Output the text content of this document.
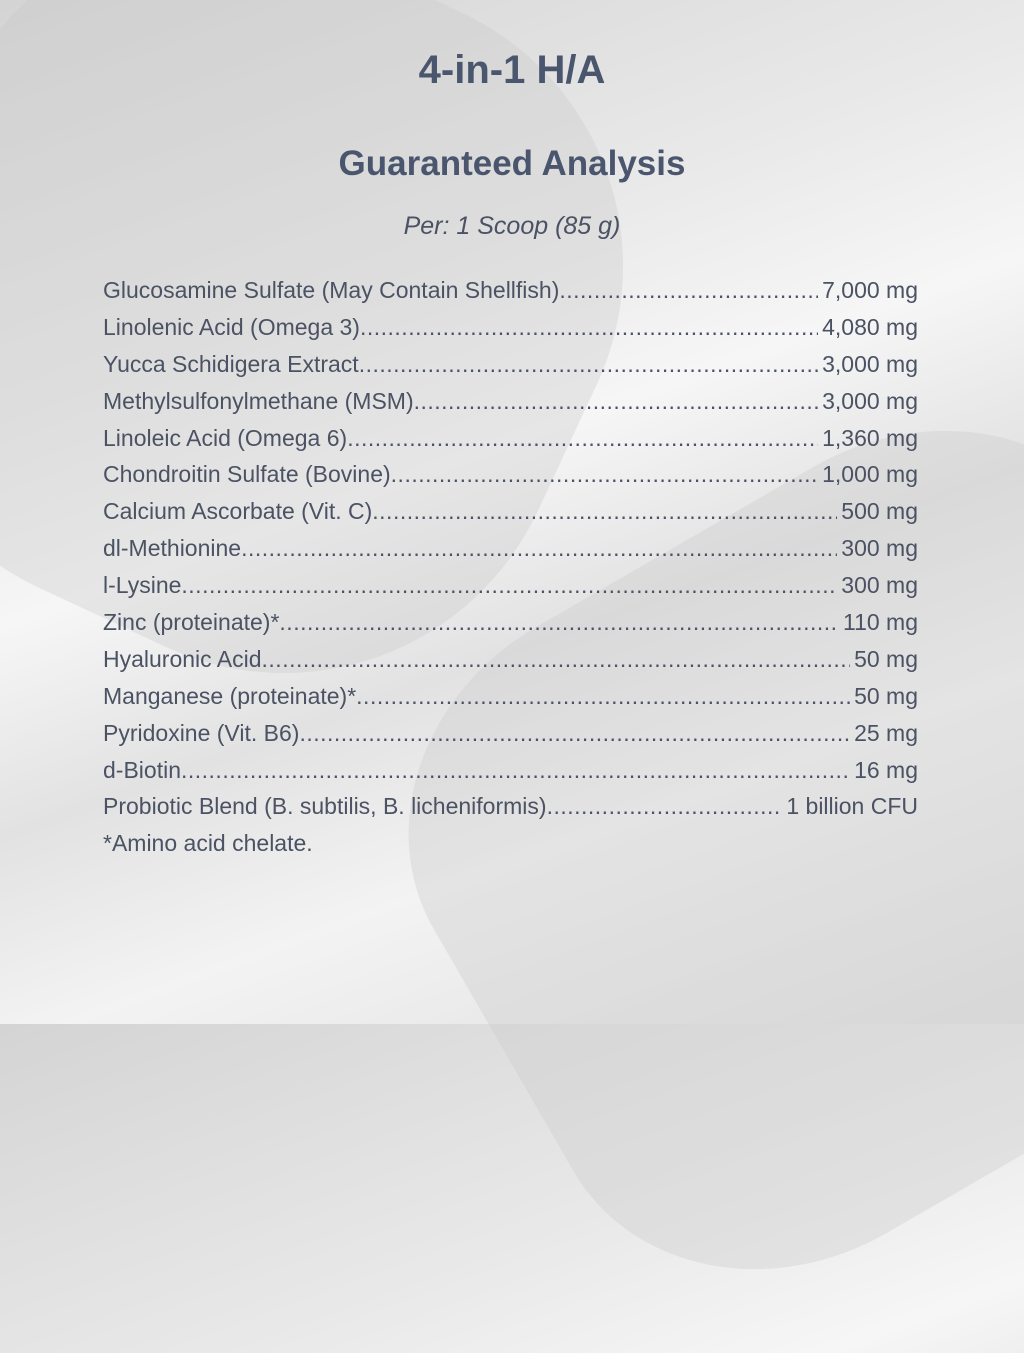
4-in-1 H/A
Guaranteed Analysis
Per: 1 Scoop (85 g)
Glucosamine Sulfate (May Contain Shellfish) .....	7,000 mg
Linolenic Acid (Omega 3) .....	4,080 mg
Yucca Schidigera Extract .....	3,000 mg
Methylsulfonylmethane (MSM) .....	3,000 mg
Linoleic Acid (Omega 6) .....	1,360 mg
Chondroitin Sulfate (Bovine) .....	1,000 mg
Calcium Ascorbate (Vit. C) .....	500 mg
dl-Methionine .....	300 mg
l-Lysine .....	300 mg
Zinc (proteinate)* .....	110 mg
Hyaluronic Acid .....	50 mg
Manganese (proteinate)* .....	50 mg
Pyridoxine (Vit. B6) .....	25 mg
d-Biotin .....	16 mg
Probiotic Blend (B. subtilis, B. licheniformis) .....	1 billion CFU
*Amino acid chelate.
